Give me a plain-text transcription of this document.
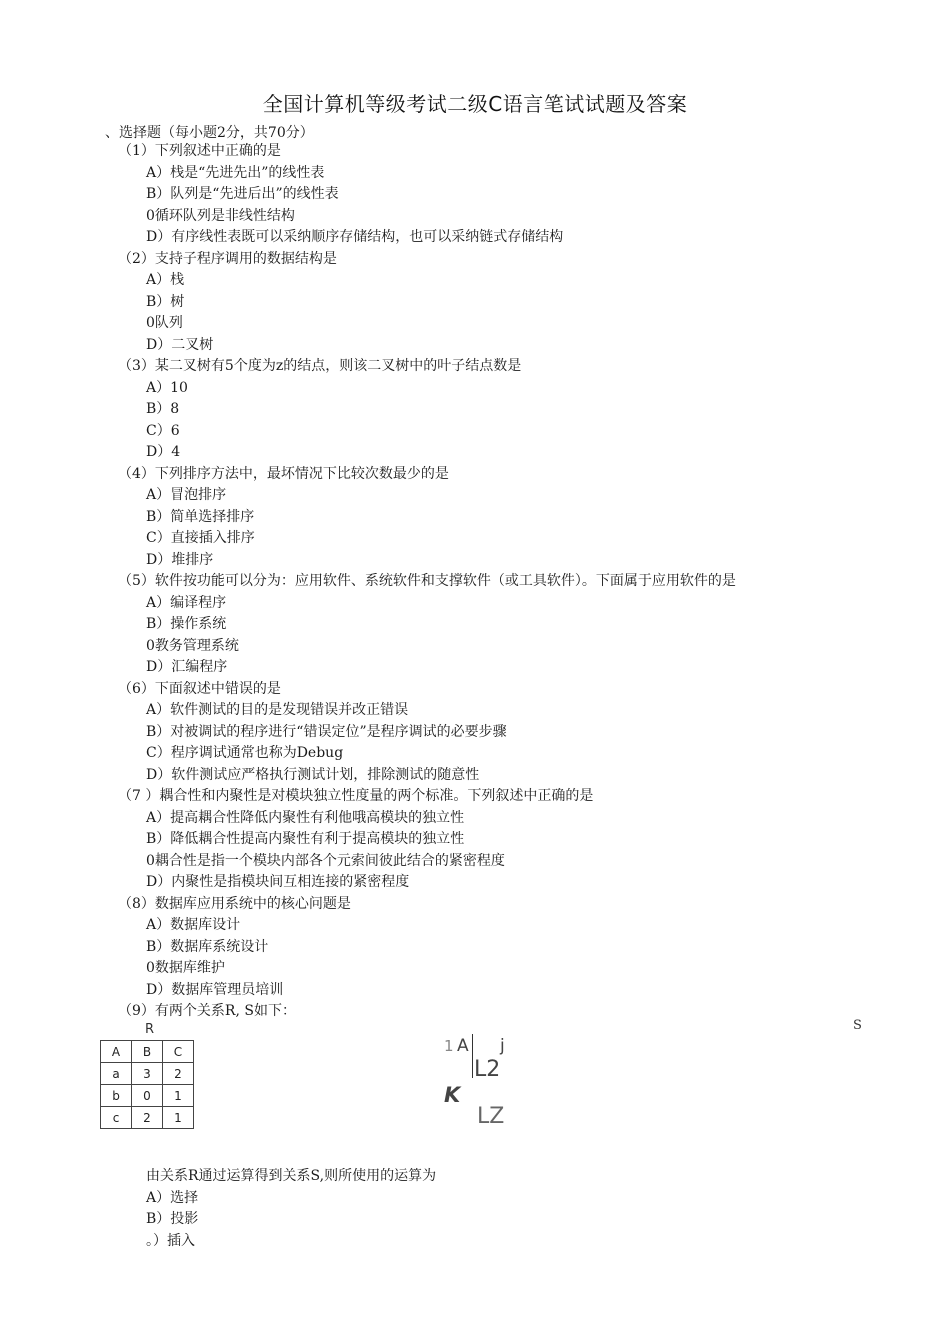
全国计算机等级考试二级C语言笔试试题及答案
、选择题（每小题2分，共70分）
（1）下列叙述中正确的是
A）栈是“先进先出”的线性表
B）队列是“先进后出”的线性表
0循环队列是非线性结构
D）有序线性表既可以采纳顺序存储结构，也可以采纳链式存储结构
（2）支持子程序调用的数据结构是
A）栈
B）树
0队列
D）二叉树
（3）某二叉树有5个度为z的结点，则该二叉树中的叶子结点数是
A）10
B）8
C）6
D）4
（4）下列排序方法中，最坏情况下比较次数最少的是
A）冒泡排序
B）简单选择排序
C）直接插入排序
D）堆排序
（5）软件按功能可以分为：应用软件、系统软件和支撑软件（或工具软件）。下面属于应用软件的是
A）编译程序
B）操作系统
0教务管理系统
D）汇编程序
（6）下面叙述中错误的是
A）软件测试的目的是发现错误并改正错误
B）对被调试的程序进行“错误定位”是程序调试的必要步骤
C）程序调试通常也称为Debug
D）软件测试应严格执行测试计划，排除测试的随意性
（7 ）耦合性和内聚性是对模块独立性度量的两个标准。下列叙述中正确的是
A）提高耦合性降低内聚性有利他哦高模块的独立性
B）降低耦合性提高内聚性有利于提高模块的独立性
0耦合性是指一个模块内部各个元索间彼此结合的紧密程度
D）内聚性是指模块间互相连接的紧密程度
（8）数据库应用系统中的核心问题是
A）数据库设计
B）数据库系统设计
0数据库维护
D）数据库管理员培训
（9）有两个关系R, S如下：
R
A	B	C
a	3	2
b	0	1
c	2	1
S
1 A j
L2
K
LZ
由关系R通过运算得到关系S,则所使用的运算为
A）选择
B）投影
。）插入
